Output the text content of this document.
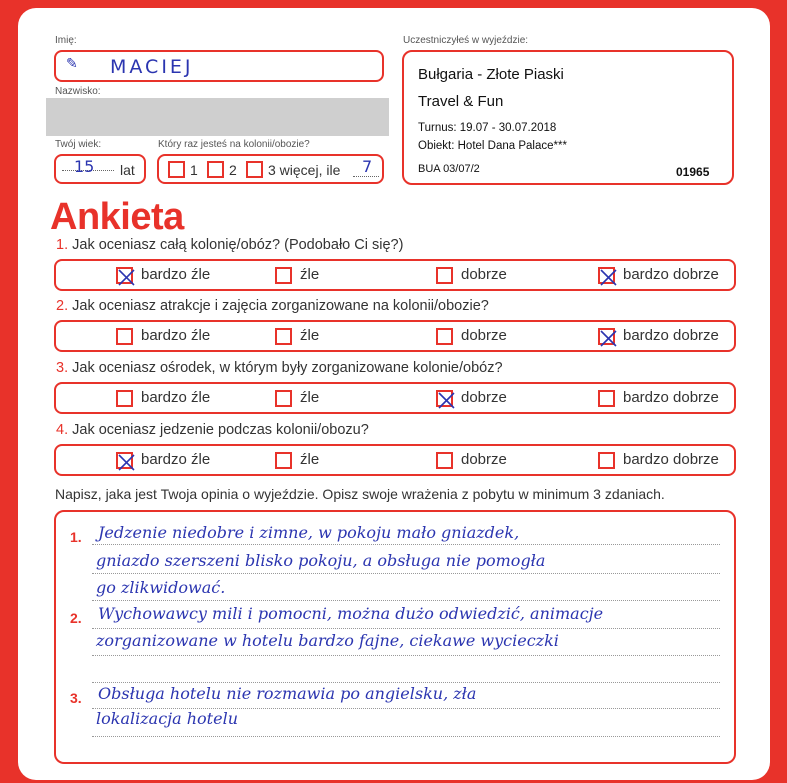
Imię:
✎ MACIEJ
Nazwisko:
Twój wiek:
15 lat
Który raz jesteś na kolonii/obozie?
1 2 3 więcej, ile 7
Uczestniczyłeś w wyjeździe:
Bułgaria - Złote Piaski
Travel & Fun
Turnus: 19.07 - 30.07.2018
Obiekt: Hotel Dana Palace***
BUA 03/07/2	01965
Ankieta
1. Jak oceniasz całą kolonię/obóz? (Podobało Ci się?)
bardzo źle	źle	dobrze	bardzo dobrze
2. Jak oceniasz atrakcje i zajęcia zorganizowane na kolonii/obozie?
bardzo źle	źle	dobrze	bardzo dobrze
3. Jak oceniasz ośrodek, w którym były zorganizowane kolonie/obóz?
bardzo źle	źle	dobrze	bardzo dobrze
4. Jak oceniasz jedzenie podczas kolonii/obozu?
bardzo źle	źle	dobrze	bardzo dobrze
Napisz, jaka jest Twoja opinia o wyjeździe. Opisz swoje wrażenia z pobytu w minimum 3 zdaniach.
1. Jedzenie niedobre i zimne, w pokoju mało gniazdek,
gniazdo szerszeni blisko pokoju, a obsługa nie pomogła
go zlikwidować.
2. Wychowawcy mili i pomocni, można dużo odwiedzić, animacje
zorganizowane w hotelu bardzo fajne, ciekawe wycieczki
3. Obsługa hotelu nie rozmawia po angielsku, zła
lokalizacja hotelu
